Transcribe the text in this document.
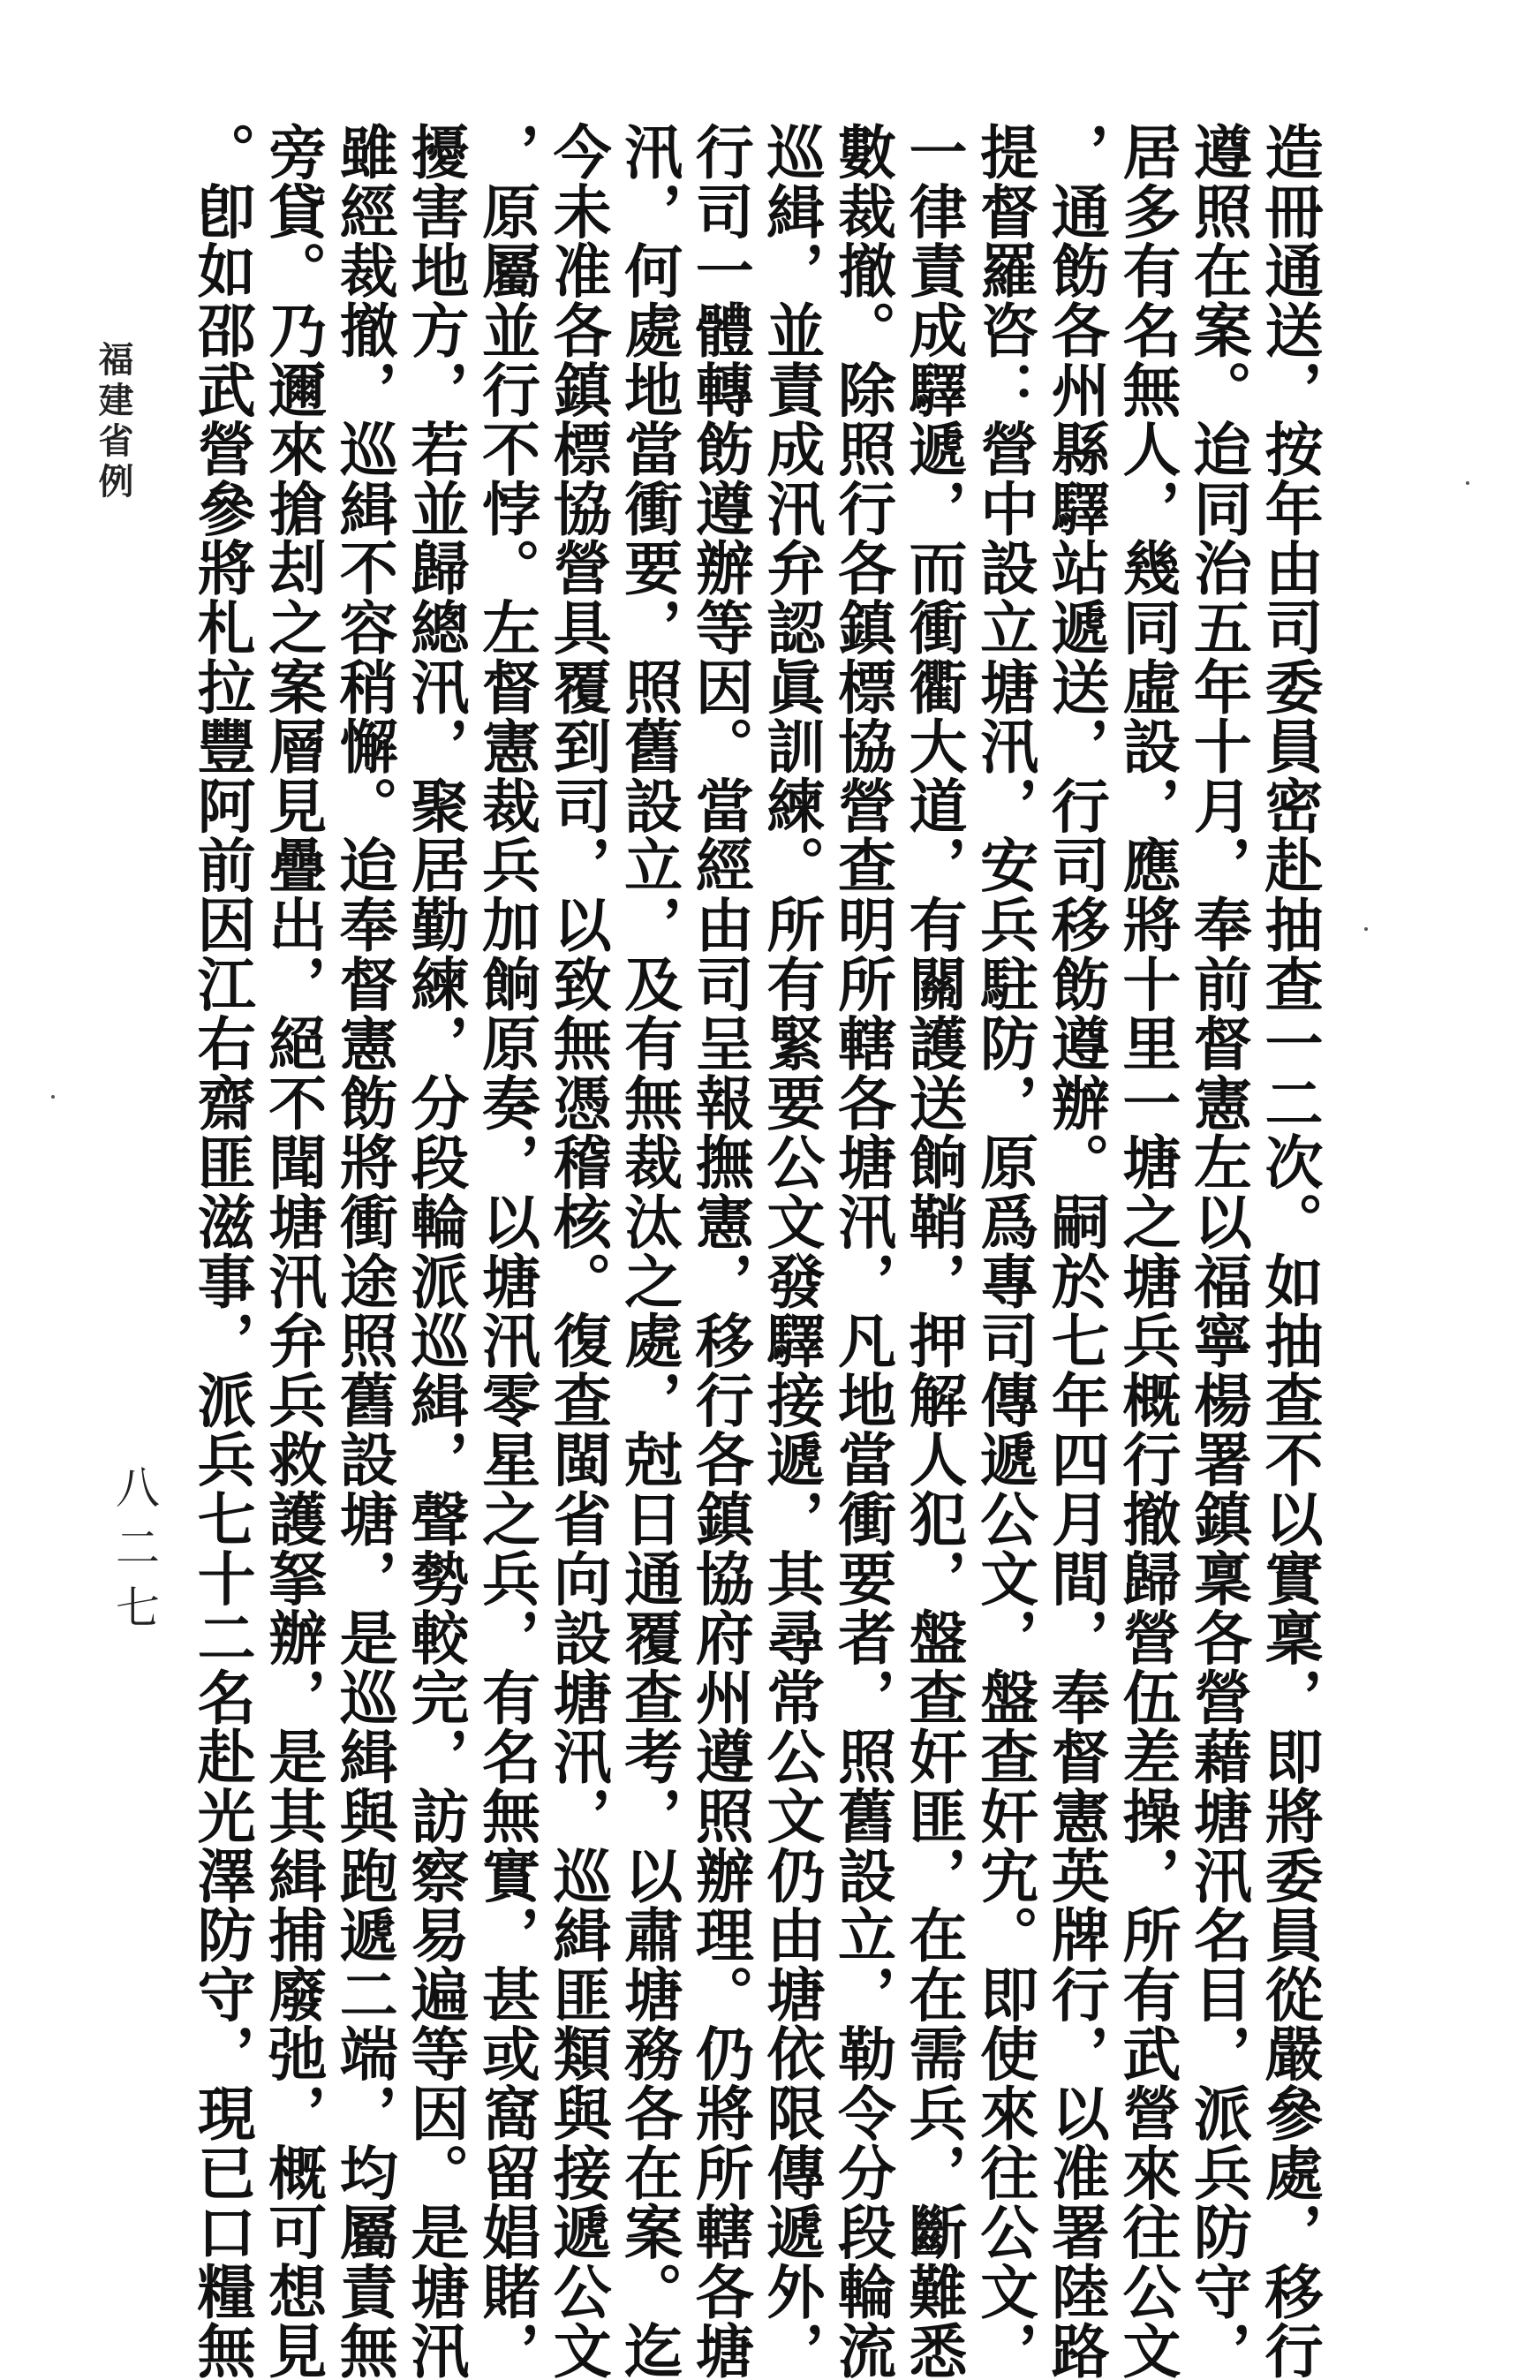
造冊通送，按年由司委員密赴抽查一二次。如抽查不以實稟，即將委員從嚴參處，移行
遵照在案。迨同治五年十月，奉前督憲左以福寧楊署鎮稟各營藉塘汛名目，派兵防守，
居多有名無人，幾同虛設，應將十里一塘之塘兵概行撤歸營伍差操，所有武營來往公文
，通飭各州縣驛站遞送，行司移飭遵辦。嗣於七年四月間，奉督憲英牌行，以准署陸路
提督羅咨：營中設立塘汛，安兵駐防，原爲專司傳遞公文，盤查奸宄。即使來往公文，
一律責成驛遞，而衝衢大道，有關護送餉鞘，押解人犯，盤查奸匪，在在需兵，斷難悉
數裁撤。除照行各鎮標協營查明所轄各塘汛，凡地當衝要者，照舊設立，勒令分段輪流
巡緝，並責成汛弁認眞訓練。所有緊要公文發驛接遞，其尋常公文仍由塘依限傳遞外，
行司一體轉飭遵辦等因。當經由司呈報撫憲，移行各鎮協府州遵照辦理。仍將所轄各塘
汛，何處地當衝要，照舊設立，及有無裁汰之處，尅日通覆查考，以肅塘務各在案。迄
今未准各鎮標協營具覆到司，以致無憑稽核。復查閩省向設塘汛，巡緝匪類與接遞公文
，原屬並行不悖。左督憲裁兵加餉原奏，以塘汛零星之兵，有名無實，甚或窩留娼賭，
擾害地方，若並歸總汛，聚居勤練，分段輪派巡緝，聲勢較完，訪察易遍等因。是塘汛
雖經裁撤，巡緝不容稍懈。迨奉督憲飭將衝途照舊設塘，是巡緝與跑遞二端，均屬責無
旁貸。乃邇來搶刦之案層見疊出，絕不聞塘汛弁兵救護拏辦，是其緝捕廢弛，概可想見
。卽如邵武營參將札拉豐阿前因江右齋匪滋事，派兵七十二名赴光澤防守，現已口糧無
福建省例
八二七
